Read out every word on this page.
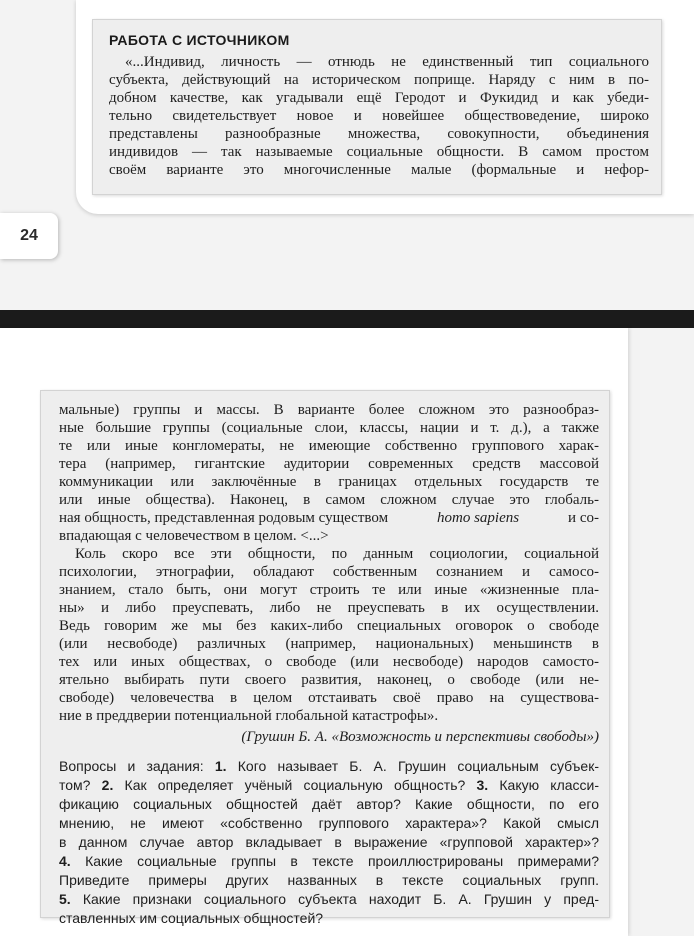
РАБОТА С ИСТОЧНИКОМ
«...Индивид, личность — отнюдь не единственный тип социального
субъекта, действующий на историческом поприще. Наряду с ним в по-
добном качестве, как угадывали ещё Геродот и Фукидид и как убеди-
тельно свидетельствует новое и новейшее обществоведение, широко
представлены разнообразные множества, совокупности, объединения
индивидов — так называемые социальные общности. В самом простом
своём варианте это многочисленные малые (формальные и нефор-
24
мальные) группы и массы. В варианте более сложном это разнообраз-
ные большие группы (социальные слои, классы, нации и т. д.), а также
те или иные конгломераты, не имеющие собственно группового харак-
тера (например, гигантские аудитории современных средств массовой
коммуникации или заключённые в границах отдельных государств те
или иные общества). Наконец, в самом сложном случае это глобаль-
ная общность, представленная родовым существом	homo sapiens	и со-
впадающая с человечеством в целом. <...>
Коль скоро все эти общности, по данным социологии, социальной
психологии, этнографии, обладают собственным сознанием и самосо-
знанием, стало быть, они могут строить те или иные «жизненные пла-
ны» и либо преуспевать, либо не преуспевать в их осуществлении.
Ведь говорим же мы без каких-либо специальных оговорок о свободе
(или несвободе) различных (например, национальных) меньшинств в
тех или иных обществах, о свободе (или несвободе) народов самосто-
ятельно выбирать пути своего развития, наконец, о свободе (или не-
свободе) человечества в целом отстаивать своё право на существова-
ние в преддверии потенциальной глобальной катастрофы».
(Грушин Б. А. «Возможность и перспективы свободы»)
Вопросы и задания: 1. Кого называет Б. А. Грушин социальным субъек-
том? 2. Как определяет учёный социальную общность? 3. Какую класси-
фикацию социальных общностей даёт автор? Какие общности, по его
мнению, не имеют «собственно группового характера»? Какой смысл
в данном случае автор вкладывает в выражение «групповой характер»?
4. Какие социальные группы в тексте проиллюстрированы примерами?
Приведите примеры других названных в тексте социальных групп.
5. Какие признаки социального субъекта находит Б. А. Грушин у пред-
ставленных им социальных общностей?
